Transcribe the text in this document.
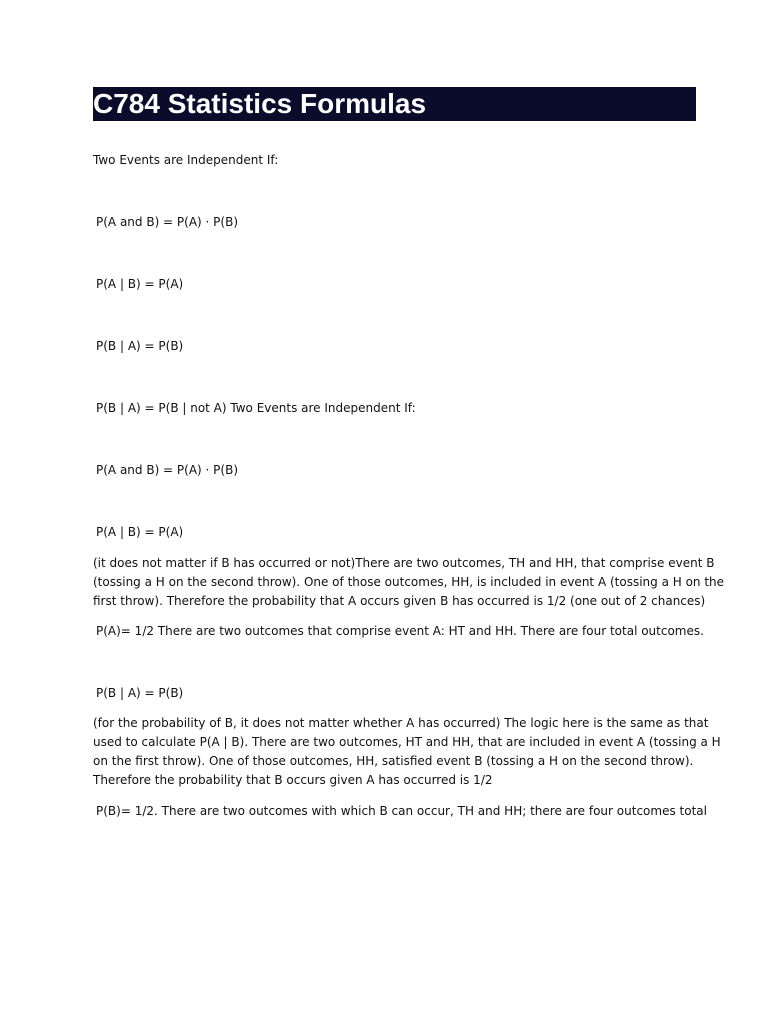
C784 Statistics Formulas
Two Events are Independent If:
P(A and B) = P(A) · P(B)
P(A | B) = P(A)
P(B | A) = P(B)
P(B | A) = P(B | not A) Two Events are Independent If:
P(A and B) = P(A) · P(B)
P(A | B) = P(A)
(it does not matter if B has occurred or not)There are two outcomes, TH and HH, that comprise event B
(tossing a H on the second throw). One of those outcomes, HH, is included in event A (tossing a H on the
first throw). Therefore the probability that A occurs given B has occurred is 1/2 (one out of 2 chances)
P(A)= 1/2 There are two outcomes that comprise event A: HT and HH. There are four total outcomes.
P(B | A) = P(B)
(for the probability of B, it does not matter whether A has occurred) The logic here is the same as that
used to calculate P(A | B). There are two outcomes, HT and HH, that are included in event A (tossing a H
on the first throw). One of those outcomes, HH, satisfied event B (tossing a H on the second throw).
Therefore the probability that B occurs given A has occurred is 1/2
P(B)= 1/2. There are two outcomes with which B can occur, TH and HH; there are four outcomes total
